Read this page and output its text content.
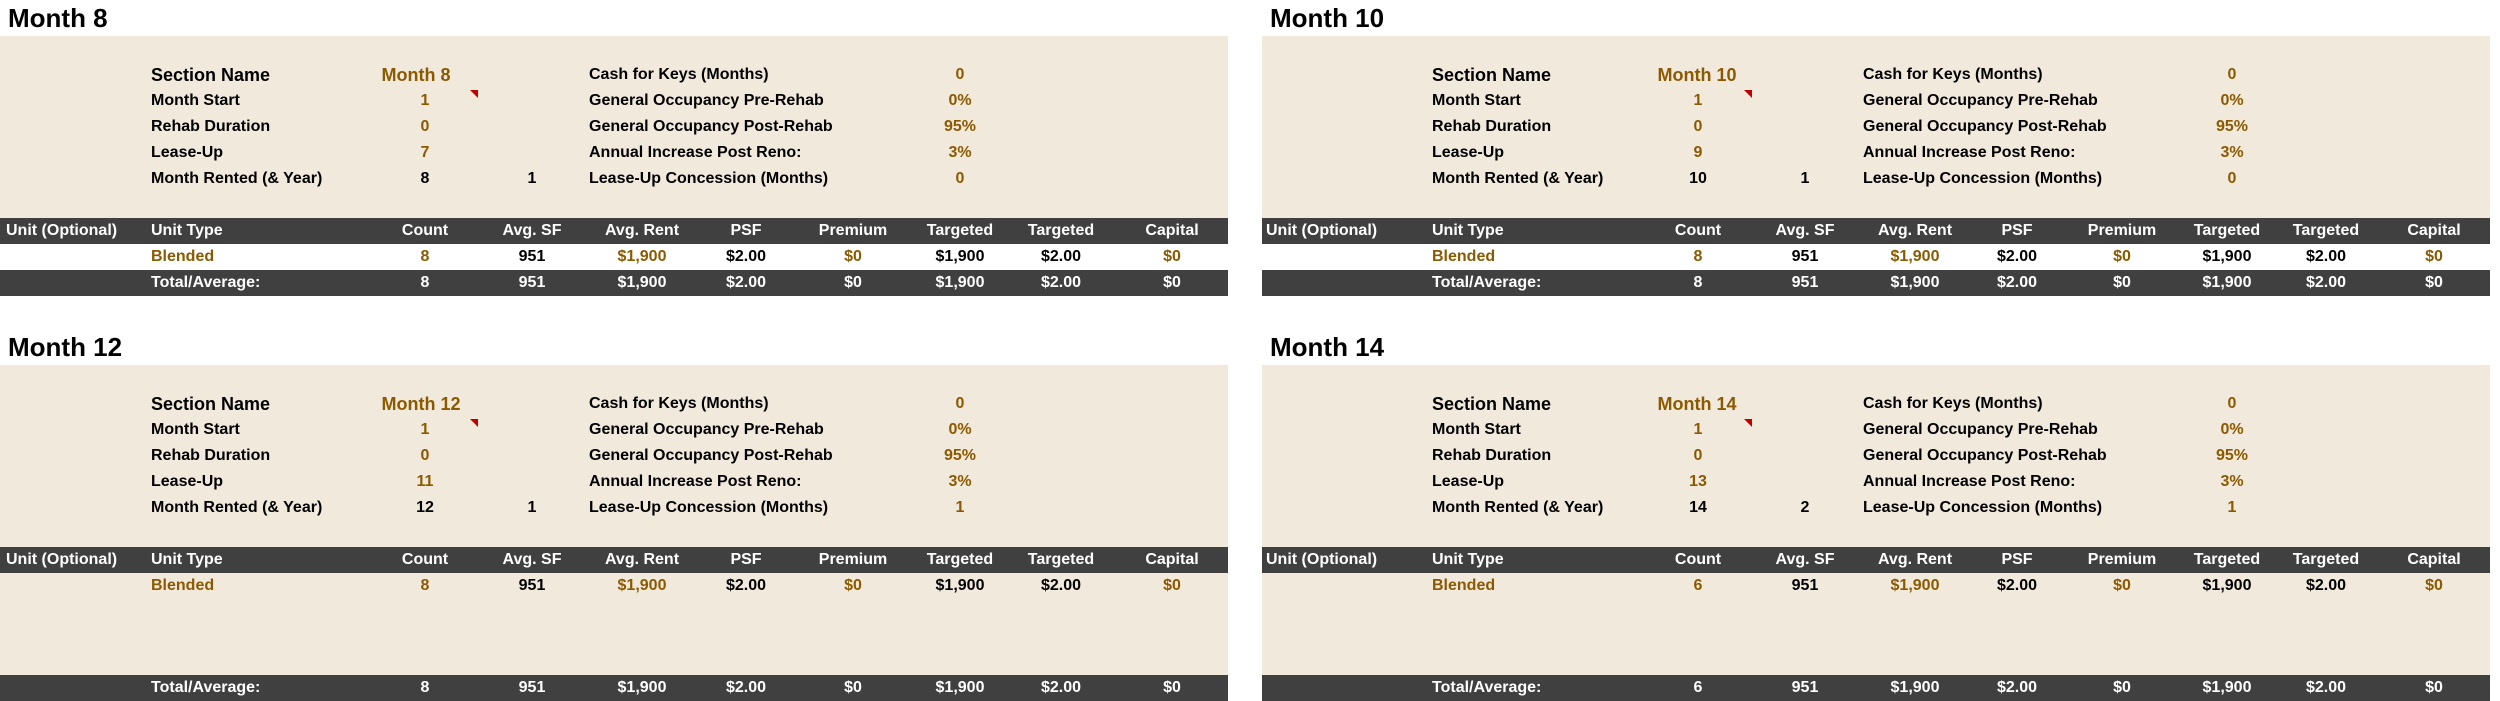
Month 8
Section Name	Month 8	Cash for Keys (Months)	0
Month Start	1	General Occupancy Pre-Rehab	0%
Rehab Duration	0	General Occupancy Post-Rehab	95%
Lease-Up	7	Annual Increase Post Reno:	3%
Month Rented (& Year)	8	1	Lease-Up Concession (Months)	0
Unit (Optional) Unit Type	Count	Avg. SF	Avg. Rent	PSF	Premium	Targeted	Targeted	Capital
Blended	8	951	$1,900	$2.00	$0	$1,900	$2.00	$0
Total/Average:	8	951	$1,900	$2.00	$0	$1,900	$2.00	$0
Month 10
Section Name	Month 10	Cash for Keys (Months)	0
Month Start	1	General Occupancy Pre-Rehab	0%
Rehab Duration	0	General Occupancy Post-Rehab	95%
Lease-Up	9	Annual Increase Post Reno:	3%
Month Rented (& Year)	10	1	Lease-Up Concession (Months)	0
Unit (Optional)	Unit Type	Count	Avg. SF	Avg. Rent	PSF	Premium	Targeted	Targeted	Capital
Blended	8	951	$1,900	$2.00	$0	$1,900	$2.00	$0
Total/Average:	8	951	$1,900	$2.00	$0	$1,900	$2.00	$0
Month 12
Section Name	Month 12	Cash for Keys (Months)	0
Month Start	1	General Occupancy Pre-Rehab	0%
Rehab Duration	0	General Occupancy Post-Rehab	95%
Lease-Up	11	Annual Increase Post Reno:	3%
Month Rented (& Year)	12	1	Lease-Up Concession (Months)	1
Unit (Optional) Unit Type	Count	Avg. SF	Avg. Rent	PSF	Premium	Targeted	Targeted	Capital
Blended	8	951	$1,900	$2.00	$0	$1,900	$2.00	$0
Total/Average:	8	951	$1,900	$2.00	$0	$1,900	$2.00	$0
Month 14
Section Name	Month 14	Cash for Keys (Months)	0
Month Start	1	General Occupancy Pre-Rehab	0%
Rehab Duration	0	General Occupancy Post-Rehab	95%
Lease-Up	13	Annual Increase Post Reno:	3%
Month Rented (& Year)	14	2	Lease-Up Concession (Months)	1
Unit (Optional)	Unit Type	Count	Avg. SF	Avg. Rent	PSF	Premium	Targeted	Targeted	Capital
Blended	6	951	$1,900	$2.00	$0	$1,900	$2.00	$0
Total/Average:	6	951	$1,900	$2.00	$0	$1,900	$2.00	$0
